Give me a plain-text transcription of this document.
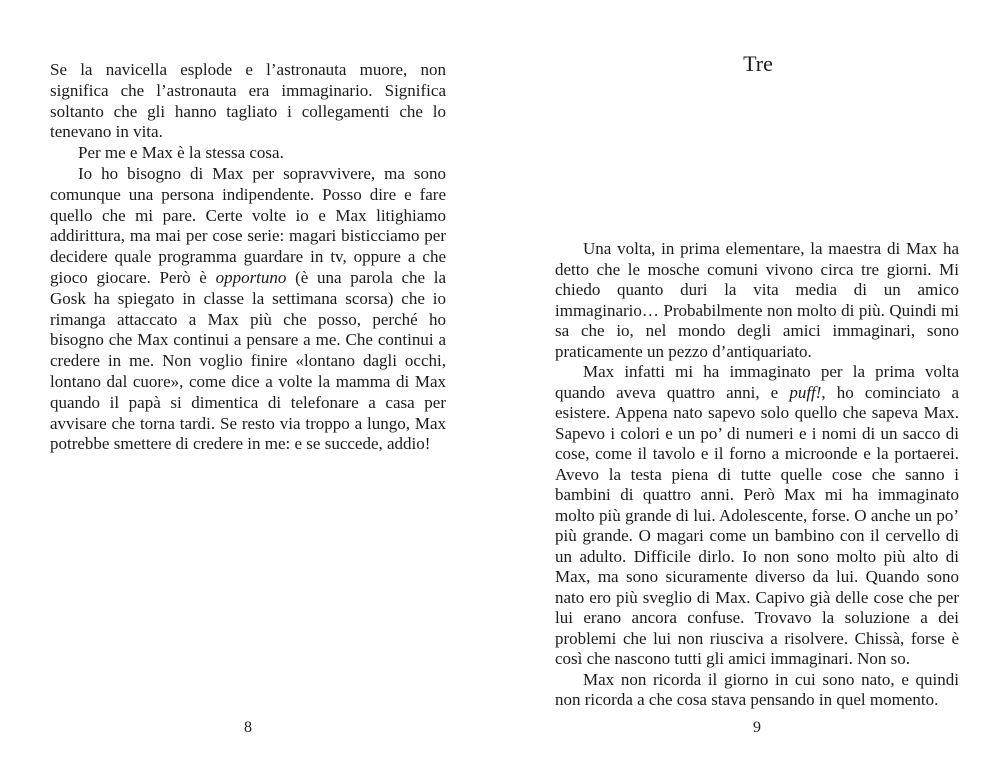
Se la navicella esplode e l’astronauta muore, non significa che l’astronauta era immaginario. Significa soltanto che gli hanno tagliato i collegamenti che lo tenevano in vita.

Per me e Max è la stessa cosa.

Io ho bisogno di Max per sopravvivere, ma sono comunque una persona indipendente. Posso dire e fare quello che mi pare. Certe volte io e Max litighiamo addirittura, ma mai per cose serie: magari bisticciamo per decidere quale programma guardare in tv, oppure a che gioco giocare. Però è opportuno (è una parola che la Gosk ha spiegato in classe la settimana scorsa) che io rimanga attaccato a Max più che posso, perché ho bisogno che Max continui a pensare a me. Che continui a credere in me. Non voglio finire «lontano dagli occhi, lontano dal cuore», come dice a volte la mamma di Max quando il papà si dimentica di telefonare a casa per avvisare che torna tardi. Se resto via troppo a lungo, Max potrebbe smettere di credere in me: e se succede, addio!

8
Tre

Una volta, in prima elementare, la maestra di Max ha detto che le mosche comuni vivono circa tre giorni. Mi chiedo quanto duri la vita media di un amico immaginario… Probabilmente non molto di più. Quindi mi sa che io, nel mondo degli amici immaginari, sono praticamente un pezzo d’antiquariato.

Max infatti mi ha immaginato per la prima volta quando aveva quattro anni, e puff!, ho cominciato a esistere. Appena nato sapevo solo quello che sapeva Max. Sapevo i colori e un po’ di numeri e i nomi di un sacco di cose, come il tavolo e il forno a microonde e la portaerei. Avevo la testa piena di tutte quelle cose che sanno i bambini di quattro anni. Però Max mi ha immaginato molto più grande di lui. Adolescente, forse. O anche un po’ più grande. O magari come un bambino con il cervello di un adulto. Difficile dirlo. Io non sono molto più alto di Max, ma sono sicuramente diverso da lui. Quando sono nato ero più sveglio di Max. Capivo già delle cose che per lui erano ancora confuse. Trovavo la soluzione a dei problemi che lui non riusciva a risolvere. Chissà, forse è così che nascono tutti gli amici immaginari. Non so.

Max non ricorda il giorno in cui sono nato, e quindi non ricorda a che cosa stava pensando in quel momento.

9
